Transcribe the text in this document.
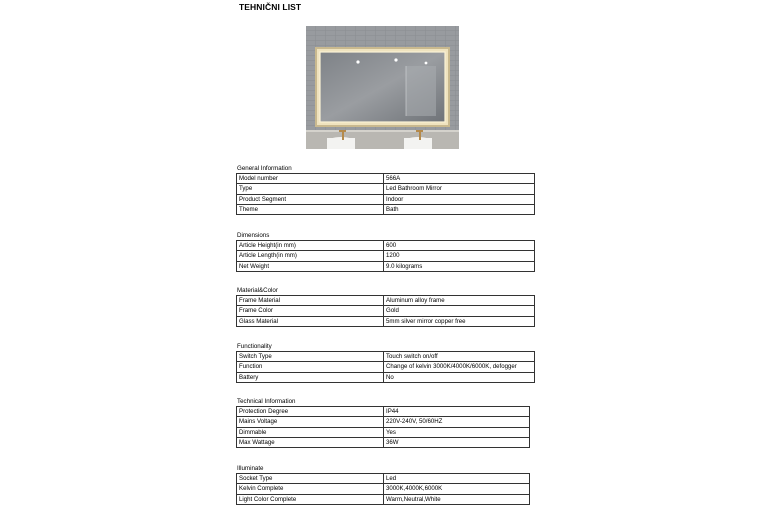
TEHNIČNI LIST
General Information
Model number	566A
Type	Led Bathroom Mirror
Product Segment	Indoor
Theme	Bath
Dimensions
Article Height(in mm)	600
Article Length(in mm)	1200
Net Weight	9.0 kilograms
Material&Color
Frame Material	Aluminum alloy frame
Frame Color	Gold
Glass Material	5mm silver mirror copper free
Functionality
Switch Type	Touch switch on/off
Function	Change of kelvin 3000K/4000K/6000K, defogger
Battery	No
Technical Information
Protection Degree	IP44
Mains Voltage	220V-240V, 50/60HZ
Dimmable	Yes
Max Wattage	36W
Illuminate
Socket Type	Led
Kelvin Complete	3000K,4000K,6000K
Light Color Complete	Warm,Neutral,White
